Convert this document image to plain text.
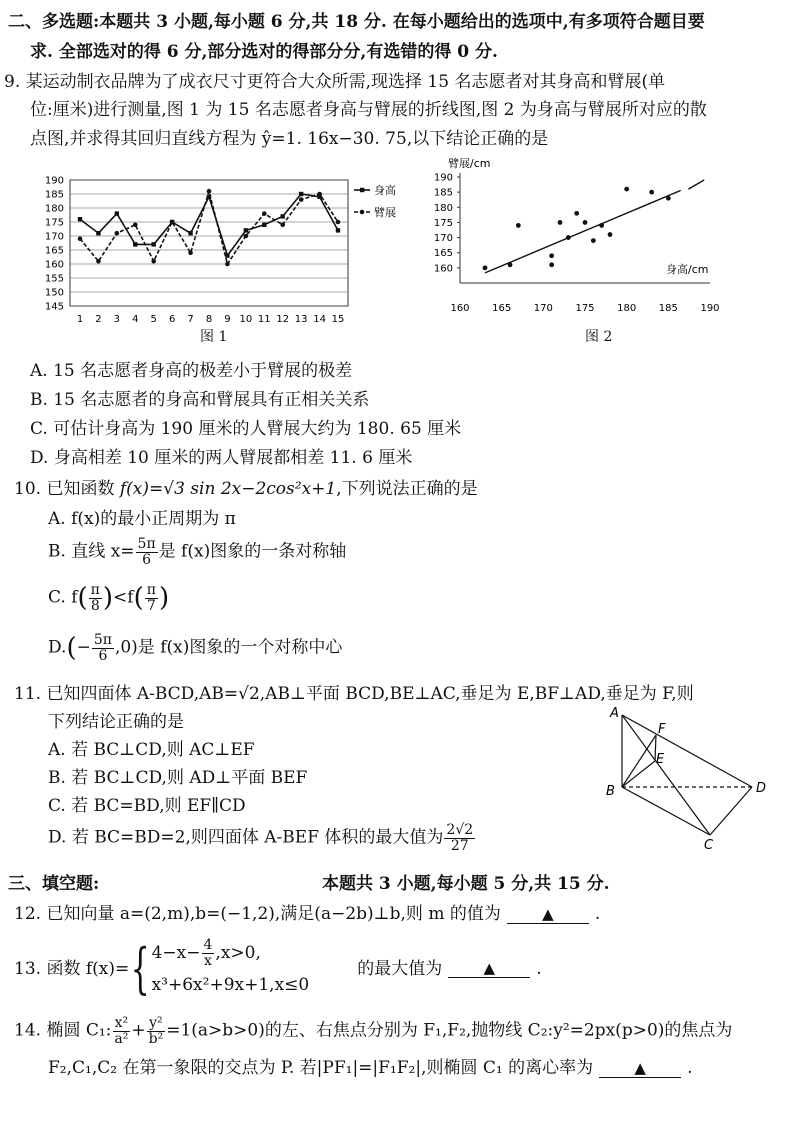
二、多选题:本题共 3 小题,每小题 6 分,共 18 分. 在每小题给出的选项中,有多项符合题目要
求. 全部选对的得 6 分,部分选对的得部分分,有选错的得 0 分.
9. 某运动制衣品牌为了成衣尺寸更符合大众所需,现选择 15 名志愿者对其身高和臂展(单
位:厘米)进行测量,图 1 为 15 名志愿者身高与臂展的折线图,图 2 为身高与臂展所对应的散
点图,并求得其回归直线方程为 ŷ=1. 16x−30. 75,以下结论正确的是
145
150
155
160
165
170
175
180
185
190
1 2 3 4 5 6 7 8 9 10 11 12 13 14 15
身高
臂展
图 1
160
165
170
175
180
185
190
160 165 170 175 180 185 190
臂展/cm
身高/cm
图 2
A. 15 名志愿者身高的极差小于臂展的极差
B. 15 名志愿者的身高和臂展具有正相关关系
C. 可估计身高为 190 厘米的人臂展大约为 180. 65 厘米
D. 身高相差 10 厘米的两人臂展都相差 11. 6 厘米
10. 已知函数 f(x)=√3 sin 2x−2cos²x+1,下列说法正确的是
A. f(x)的最小正周期为 π
B. 直线 $x= \frac{5\pi}{6}$ 是 f(x)图象的一条对称轴
C. $f( \frac{\pi}{8} )<f( \frac{\pi}{7}$ )
$D.(- \frac{5\pi}{6} ,0)$是 f(x)图象的一个对称中心
11. 已知四面体 A-BCD,AB=√2,AB⊥平面 BCD,BE⊥AC,垂足为 E,BF⊥AD,垂足为 F,则
下列结论正确的是
A. 若 BC⊥CD,则 AC⊥EF
B. 若 BC⊥CD,则 AD⊥平面 BEF
C. 若 BC=BD,则 EF∥CD
D. 若 BC=BD=2,则四面体 A-BEF 体积的最大值为 $\frac{2√2}{27}$
A
B
C
D
E
F
三、填空题:	本题共 3 小题,每小题 5 分,共 15 分.
12. 已知向量 a=(2,m),b=(−1,2),满足(a−2b)⊥b,则 m 的值为	▲ .
13. 函数 f(x)={ $4-x- \frac{4}{x} ,x>0$,
x³+6x²+9x+1,x≤0
的最大值为	▲ .
14. 椭圆 C₁: $\frac{\text{x²}}{\text{a²}} + \frac{\text{y²}}{\text{b²}} =1(a>b>0)$的左、右焦点分别为 F₁,F₂,抛物线 C₂:y²=2px(p>0)的焦点为
F₂,C₁,C₂ 在第一象限的交点为 P. 若|PF₁|=|F₁F₂|,则椭圆 C₁ 的离心率为	▲ .
